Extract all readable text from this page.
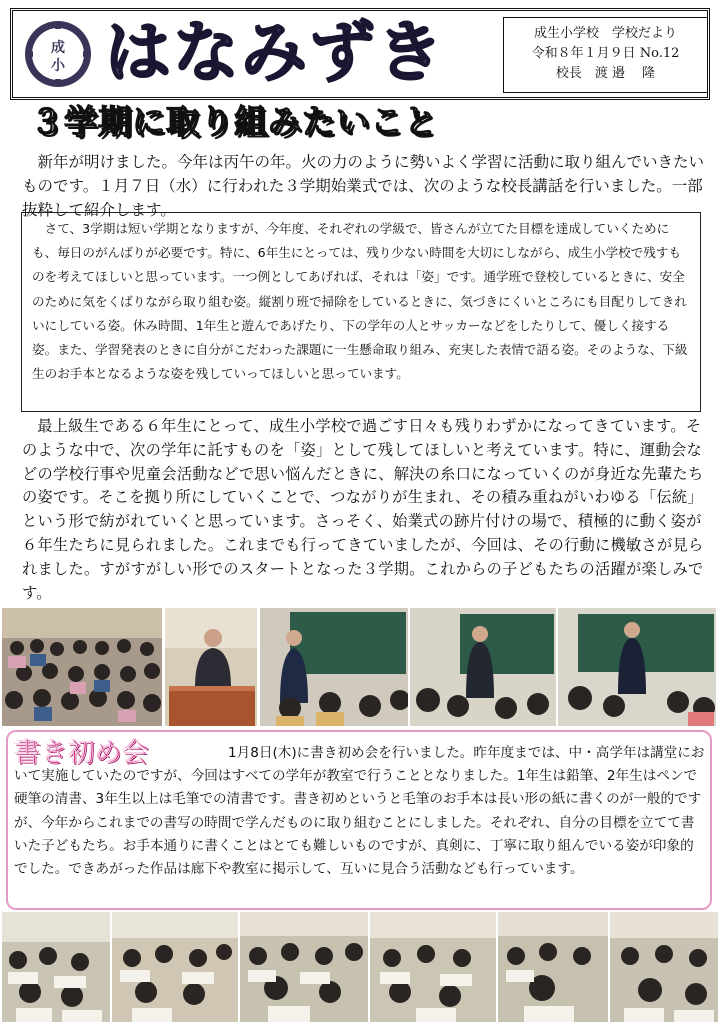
成
小 はなみずき	成生小学校　学校だより
令和８年１月９日 No.12
校長　渡 邉　 隆
３学期に取り組みたいこと

新年が明けました。今年は丙午の年。火の力のように勢いよく学習に活動に取り組んでいきたいものです。１月７日（水）に行われた３学期始業式では、次のような校長講話を行いました。一部抜粋して紹介します。

さて、3学期は短い学期となりますが、今年度、それぞれの学級で、皆さんが立てた目標を達成していくためにも、毎日のがんばりが必要です。特に、6年生にとっては、残り少ない時間を大切にしながら、成生小学校で残すものを考えてほしいと思っています。一つ例としてあげれば、それは「姿」です。通学班で登校しているときに、安全のために気をくばりながら取り組む姿。縦割り班で掃除をしているときに、気づきにくいところにも目配りしてきれいにしている姿。休み時間、1年生と遊んであげたり、下の学年の人とサッカーなどをしたりして、優しく接する姿。また、学習発表のときに自分がこだわった課題に一生懸命取り組み、充実した表情で語る姿。そのような、下級生のお手本となるような姿を残していってほしいと思っています。

最上級生である６年生にとって、成生小学校で過ごす日々も残りわずかになってきています。そのような中で、次の学年に託すものを「姿」として残してほしいと考えています。特に、運動会などの学校行事や児童会活動などで思い悩んだときに、解決の糸口になっていくのが身近な先輩たちの姿です。そこを拠り所にしていくことで、つながりが生まれ、その積み重ねがいわゆる「伝統」という形で紡がれていくと思っています。さっそく、始業式の跡片付けの場で、積極的に動く姿が６年生たちに見られました。これまでも行ってきていましたが、今回は、その行動に機敏さが見られました。すがすがしい形でのスタートとなった３学期。これからの子どもたちの活躍が楽しみです。

1月8日(木)に書き初め会を行いました。昨年度までは、中・高学年は講堂において実施していたのですが、今回はすべての学年が教室で行うこととなりました。1年生は鉛筆、2年生はペンで硬筆の清書、3年生以上は毛筆での清書です。書き初めというと毛筆のお手本は長い形の紙に書くのが一般的ですが、今年からこれまでの書写の時間で学んだものに取り組むことにしました。それぞれ、自分の目標を立てて書いた子どもたち。お手本通りに書くことはとても難しいものですが、真剣に、丁寧に取り組んでいる姿が印象的でした。できあがった作品は廊下や教室に掲示して、互いに見合う活動なども行っています。

書き初め会
